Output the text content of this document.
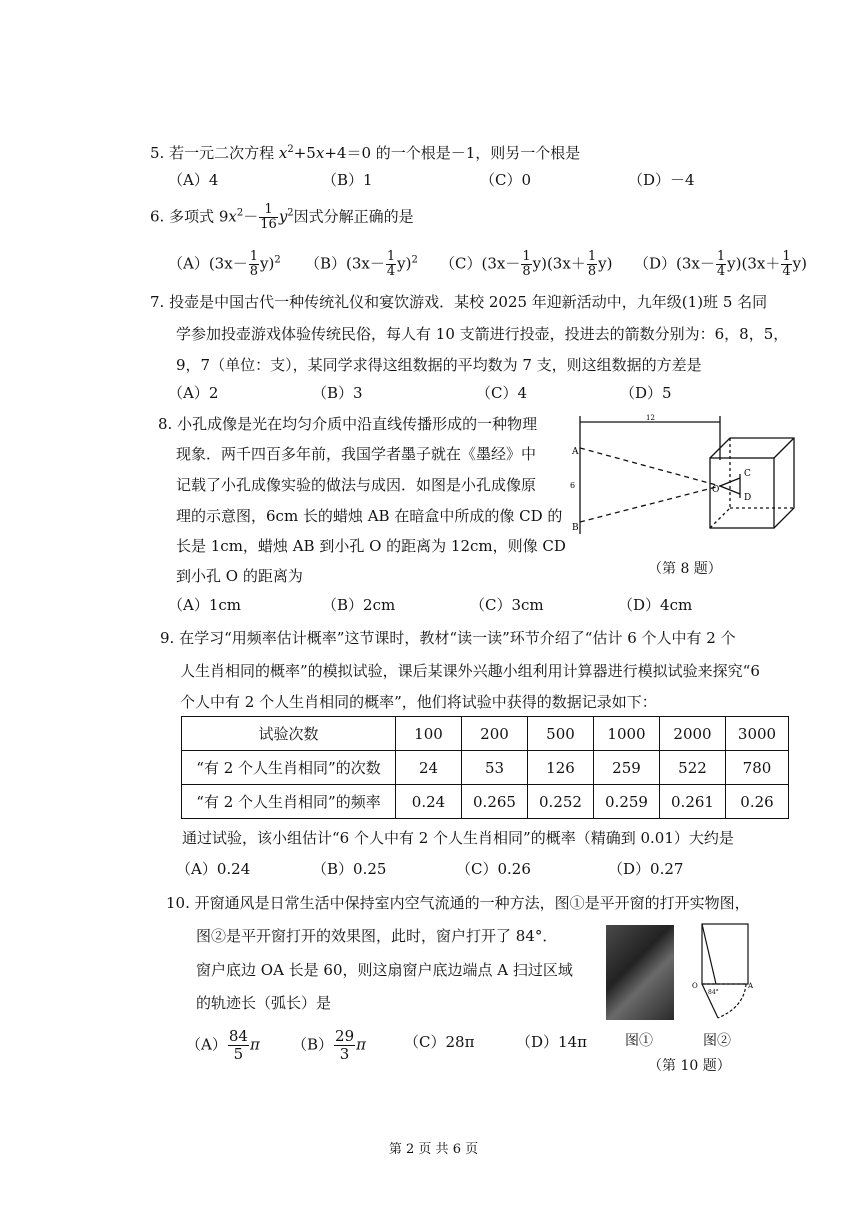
5. 若一元二次方程 $x^2+5x+4=0$ 的一个根是－1，则另一个根是
（A）4	（B）1	（C）0	（D）－4
6. 多项式 $9x^2- \frac{1}{16} y^2$因式分解正确的是
$(A)(3x- \frac{1}{8} y)^2$ $(B)(3x- \frac{1}{4} y)^2$ $(C)(3x- \frac{1}{8} y)(3x+ \frac{1}{8} y)$ $(D)(3x- \frac{1}{4} y)(3x+ \frac{1}{4} y)$
7. 投壶是中国古代一种传统礼仪和宴饮游戏．某校 2025 年迎新活动中，九年级(1)班 5 名同
学参加投壶游戏体验传统民俗，每人有 10 支箭进行投壶，投进去的箭数分别为：6，8，5，
9，7（单位：支），某同学求得这组数据的平均数为 7 支，则这组数据的方差是
（A）2	（B）3	（C）4	（D）5
8. 小孔成像是光在均匀介质中沿直线传播形成的一种物理
现象．两千四百多年前，我国学者墨子就在《墨经》中
记载了小孔成像实验的做法与成因．如图是小孔成像原
理的示意图，6cm 长的蜡烛 AB 在暗盒中所成的像 CD 的
长是 1cm，蜡烛 AB 到小孔 O 的距离为 12cm，则像 CD
到小孔 O 的距离为
A
B
C
D
O
6
12
（第 8 题）
（A）1cm	（B）2cm	（C）3cm	（D）4cm
9. 在学习“用频率估计概率”这节课时，教材“读一读”环节介绍了“估计 6 个人中有 2 个
人生肖相同的概率”的模拟试验，课后某课外兴趣小组利用计算器进行模拟试验来探究“6
个人中有 2 个人生肖相同的概率”，他们将试验中获得的数据记录如下：
试验次数	100	200	500	1000	2000	3000
“有 2 个人生肖相同”的次数	24	53	126	259	522	780
“有 2 个人生肖相同”的频率	0.24	0.265	0.252	0.259	0.261	0.26
通过试验，该小组估计“6 个人中有 2 个人生肖相同”的概率（精确到 0.01）大约是
（A）0.24	（B）0.25	（C）0.26	（D）0.27
10. 开窗通风是日常生活中保持室内空气流通的一种方法，图①是平开窗的打开实物图，
图②是平开窗打开的效果图，此时，窗户打开了 84°．
窗户底边 OA 长是 60，则这扇窗户底边端点 A 扫过区域
的轨迹长（弧长）是
$(A) \frac{84}{5}$ π $(B) \frac{29}{3}$ π	（C）28π	（D）14π
O	A
84°
图①	图②
（第 10 题）
第 2 页 共 6 页
